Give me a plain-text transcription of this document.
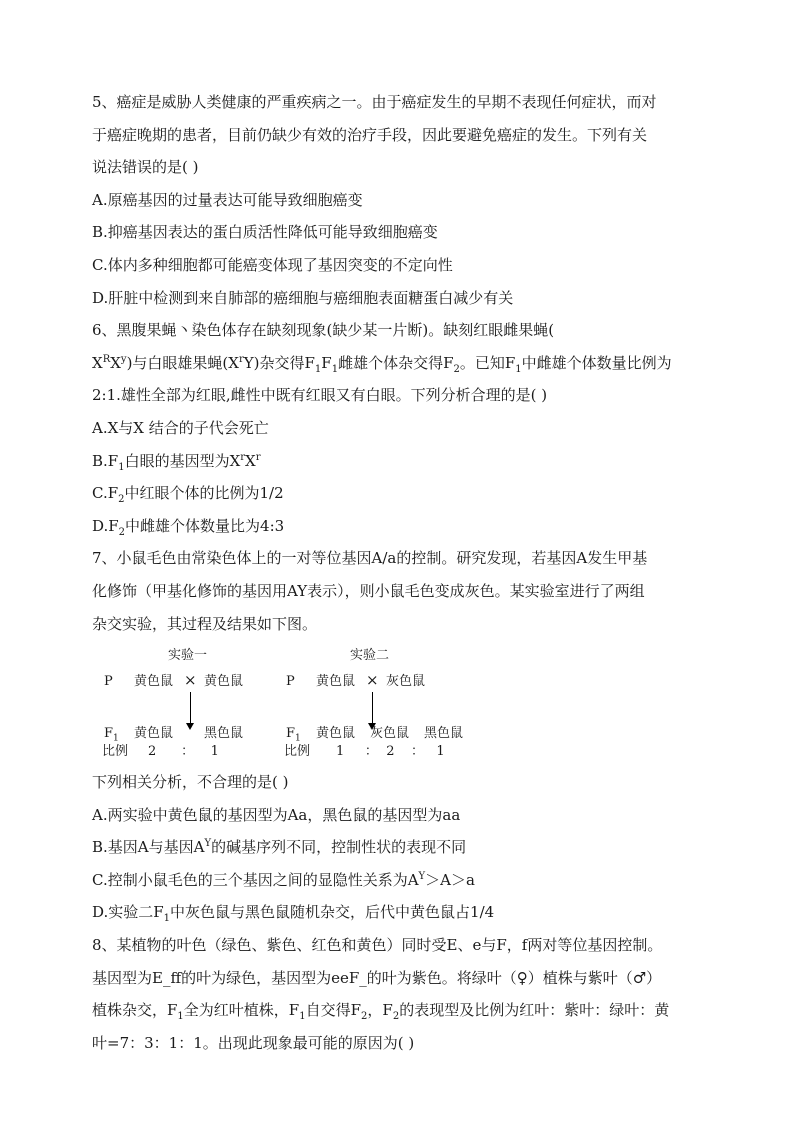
5、癌症是威胁人类健康的严重疾病之一。由于癌症发生的早期不表现任何症状，而对
于癌症晚期的患者，目前仍缺少有效的治疗手段，因此要避免癌症的发生。下列有关
说法错误的是( )
A.原癌基因的过量表达可能导致细胞癌变
B.抑癌基因表达的蛋白质活性降低可能导致细胞癌变
C.体内多种细胞都可能癌变体现了基因突变的不定向性
D.肝脏中检测到来自肺部的癌细胞与癌细胞表面糖蛋白减少有关
6、黑腹果蝇丶染色体存在缺刻现象(缺少某一片断)。缺刻红眼雌果蝇(
$X^RX^y$)与白眼雄果蝇$(X^rY)$杂交得$F_1F_1$雌雄个体杂交得$F_2$。已知$F_1$中雌雄个体数量比例为
2:1.雄性全部为红眼,雌性中既有红眼又有白眼。下列分析合理的是( )
A.X与X 结合的子代会死亡
$B.F_1$白眼的基因型为$X^rX^r$
$C.F_2$中红眼个体的比例为1/2
$D.F_2$中雌雄个体数量比为4:3
7、小鼠毛色由常染色体上的一对等位基因A/a的控制。研究发现，若基因A发生甲基
化修饰（甲基化修饰的基因用AY表示），则小鼠毛色变成灰色。某实验室进行了两组
杂交实验，其过程及结果如下图。
实验一
P 黄色鼠 × 黄色鼠
$F_1$ 黄色鼠 黑色鼠
比例 2      ：    1
实验二
P 黄色鼠 × 灰色鼠
$F_1$ 黄色鼠 灰色鼠 黑色鼠
比例 1     ：  2    ：   1
下列相关分析，不合理的是( )
A.两实验中黄色鼠的基因型为Aa，黑色鼠的基因型为aa
B.基因A与基因$A^Y$的碱基序列不同，控制性状的表现不同
C.控制小鼠毛色的三个基因之间的显隐性关系为$A^Y>A>a$
D.实验二$F_1$中灰色鼠与黑色鼠随机杂交，后代中黄色鼠占1/4
8、某植物的叶色（绿色、紫色、红色和黄色）同时受E、e与F，f两对等位基因控制。
基因型为E_ff的叶为绿色，基因型为eeF_的叶为紫色。将绿叶（♀）植株与紫叶（♂）
植株杂交，$F_1$全为红叶植株，$F_1$自交得$F_2$，$F_2$的表现型及比例为红叶：紫叶：绿叶：黄
叶=7：3：1：1。出现此现象最可能的原因为( )
